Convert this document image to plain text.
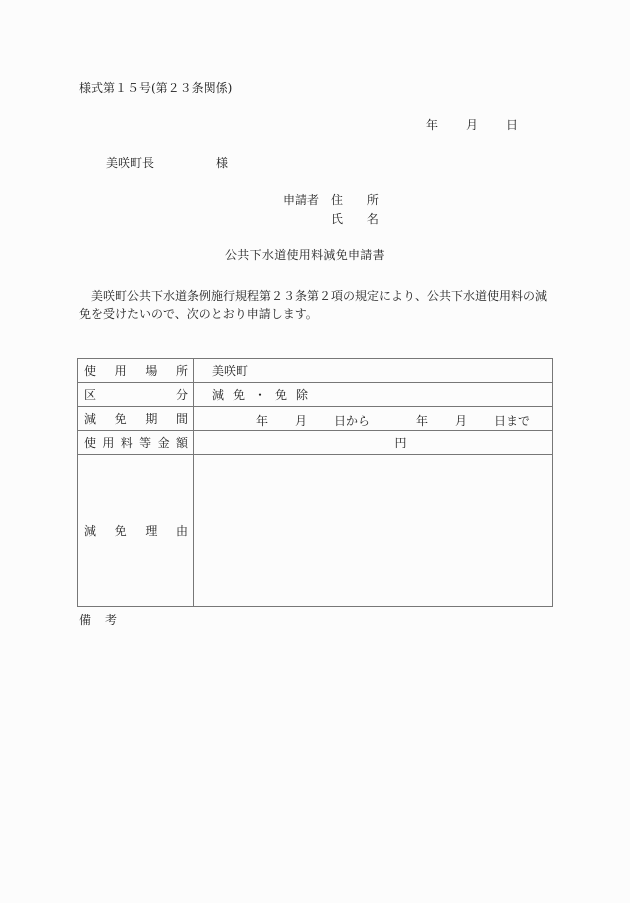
様式第１５号(第２３条関係)
年 月 日
美咲町長	様
申請者 住 所
氏 名
公共下水道使用料減免申請書
　美咲町公共下水道条例施行規程第２３条第２項の規定により、公共下水道使用料の減免を受けたいので、次のとおり申請します。
使 用 場 所	美咲町

区 分	減免・免除

減 免 期 間	年 月 日から	年 月 日まで

使 用 料 等 金 額	円

減 免 理 由	

備考
